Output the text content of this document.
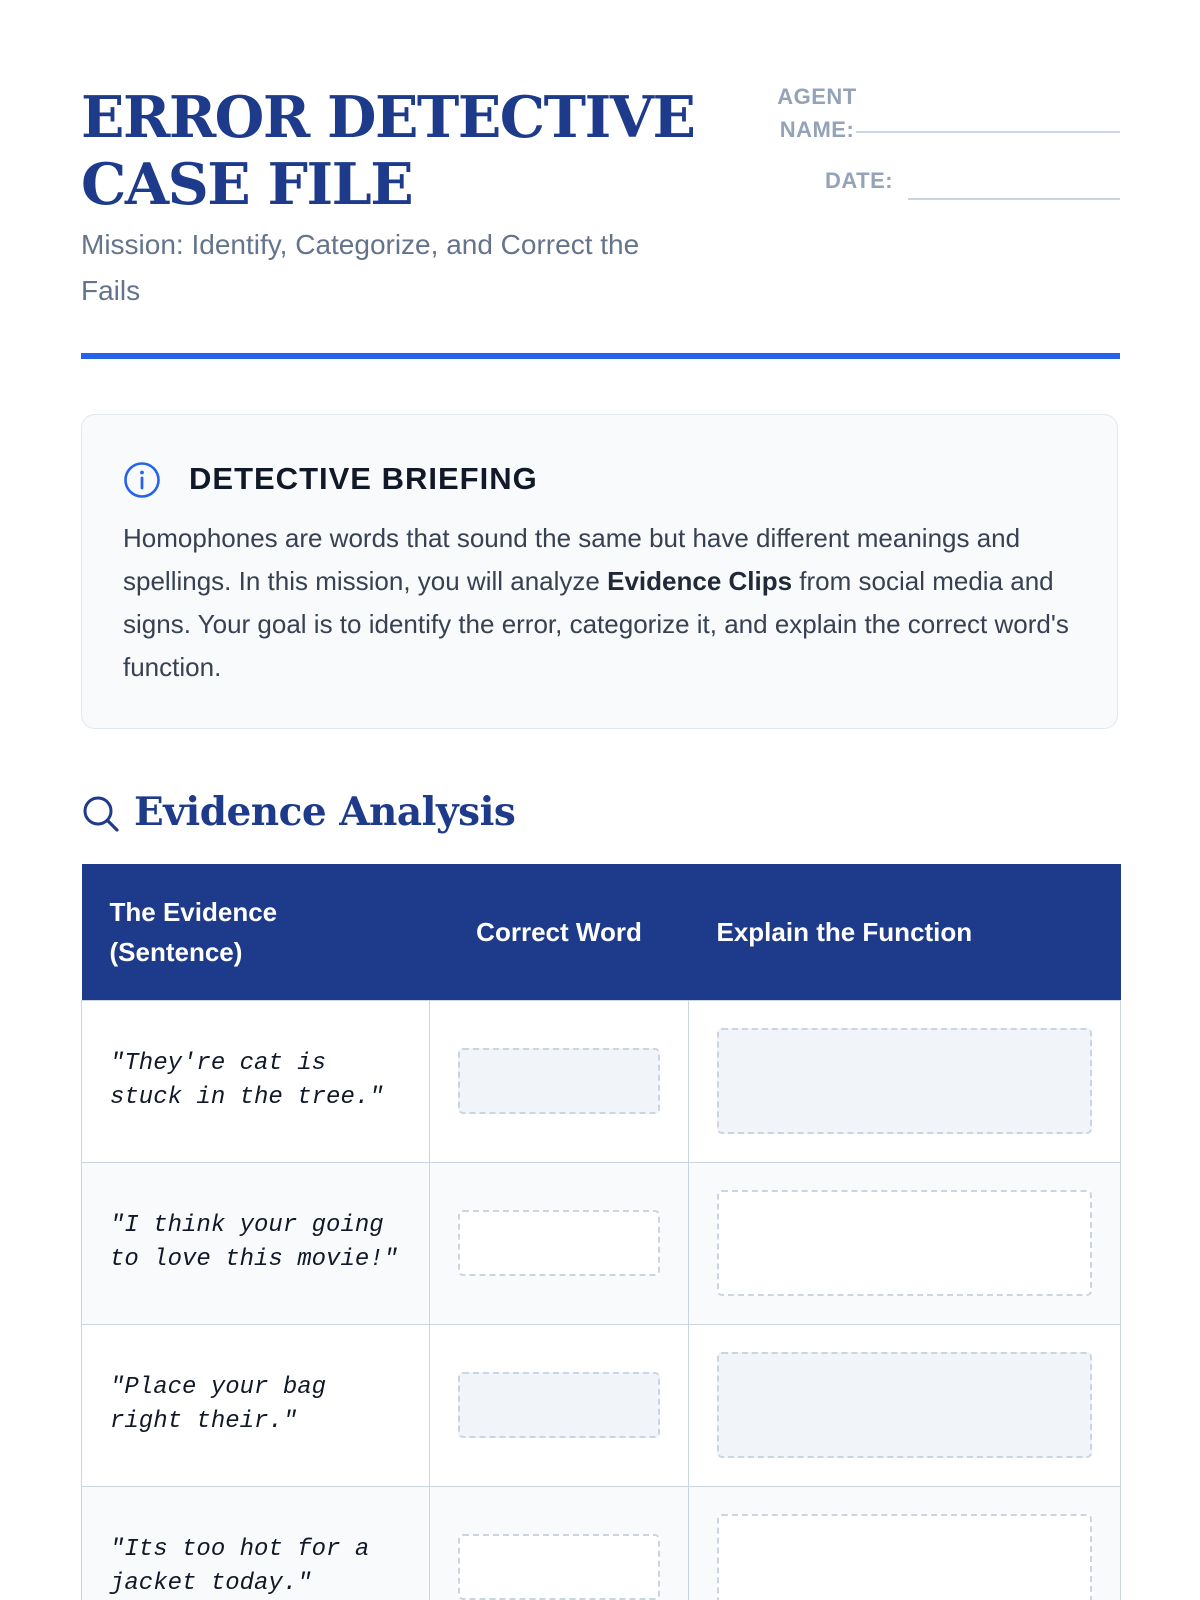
ERROR DETECTIVE CASE FILE
Mission: Identify, Categorize, and Correct the Fails
AGENT NAME:
DATE:
DETECTIVE BRIEFING

Homophones are words that sound the same but have different meanings and spellings. In this mission, you will analyze Evidence Clips from social media and signs. Your goal is to identify the error, categorize it, and explain the correct word's function.

Evidence Analysis
The Evidence (Sentence)	Correct Word	Explain the Function

"They're cat is stuck in the tree."		

"I think your going to love this movie!"		

"Place your bag right their."		

"Its too hot for a jacket today."		
